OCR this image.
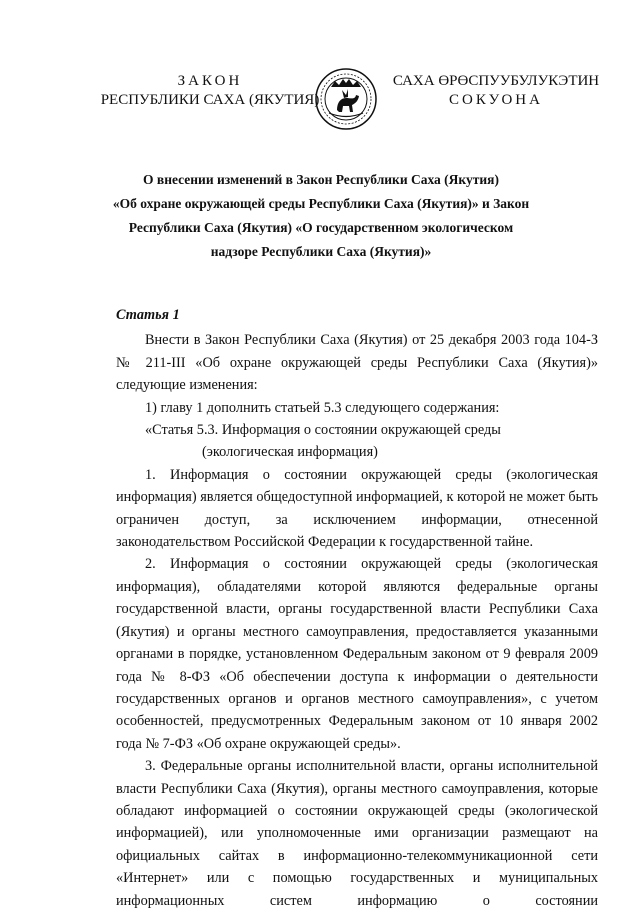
ЗАКОН
РЕСПУБЛИКИ САХА (ЯКУТИЯ)
САХА ӨРӨСПУУБУЛУКЭТИН
СОКУОНА

О внесении изменений в Закон Республики Саха (Якутия)

«Об охране окружающей среды Республики Саха (Якутия)» и Закон

Республики Саха (Якутия) «О государственном экологическом

надзоре Республики Саха (Якутия)»

Статья 1

Внести в Закон Республики Саха (Якутия) от 25 декабря 2003 года 104-З № 211-III «Об охране окружающей среды Республики Саха (Якутия)» следующие изменения:

1) главу 1 дополнить статьей 5.3 следующего содержания:

«Статья 5.3. Информация о состоянии окружающей среды

(экологическая информация)

1. Информация о состоянии окружающей среды (экологическая информация) является общедоступной информацией, к которой не может быть ограничен доступ, за исключением информации, отнесенной законодательством Российской Федерации к государственной тайне.

2. Информация о состоянии окружающей среды (экологическая информация), обладателями которой являются федеральные органы государственной власти, органы государственной власти Республики Саха (Якутия) и органы местного самоуправления, предоставляется указанными органами в порядке, установленном Федеральным законом от 9 февраля 2009 года № 8-ФЗ «Об обеспечении доступа к информации о деятельности государственных органов и органов местного самоуправления», с учетом особенностей, предусмотренных Федеральным законом от 10 января 2002 года № 7-ФЗ «Об охране окружающей среды».

3. Федеральные органы исполнительной власти, органы исполнительной власти Республики Саха (Якутия), органы местного самоуправления, которые обладают информацией о состоянии окружающей среды (экологической информацией), или уполномоченные ими организации размещают на официальных сайтах в информационно-телекоммуникационной сети «Интернет» или с помощью государственных и муниципальных информационных систем информацию о состоянии
